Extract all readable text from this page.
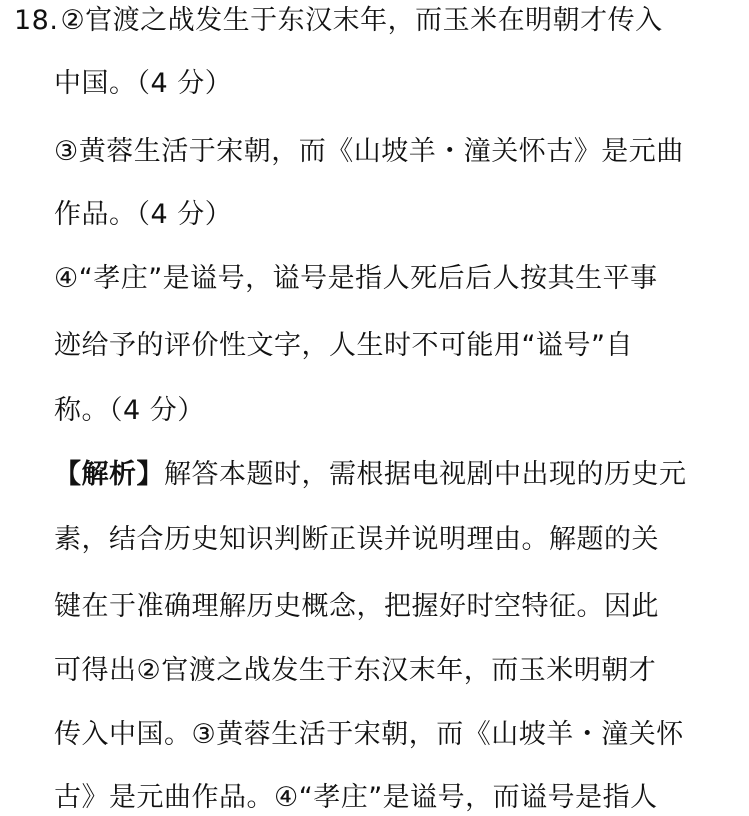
18.②官渡之战发生于东汉末年，而玉米在明朝才传入
中国。（4 分）
③黄蓉生活于宋朝，而《山坡羊・潼关怀古》是元曲
作品。（4 分）
④“孝庄”是谥号，谥号是指人死后后人按其生平事
迹给予的评价性文字，人生时不可能用“谥号”自
称。（4 分）
【解析】解答本题时，需根据电视剧中出现的历史元
素，结合历史知识判断正误并说明理由。解题的关
键在于准确理解历史概念，把握好时空特征。因此
可得出②官渡之战发生于东汉末年，而玉米明朝才
传入中国。③黄蓉生活于宋朝，而《山坡羊・潼关怀
古》是元曲作品。④“孝庄”是谥号，而谥号是指人
